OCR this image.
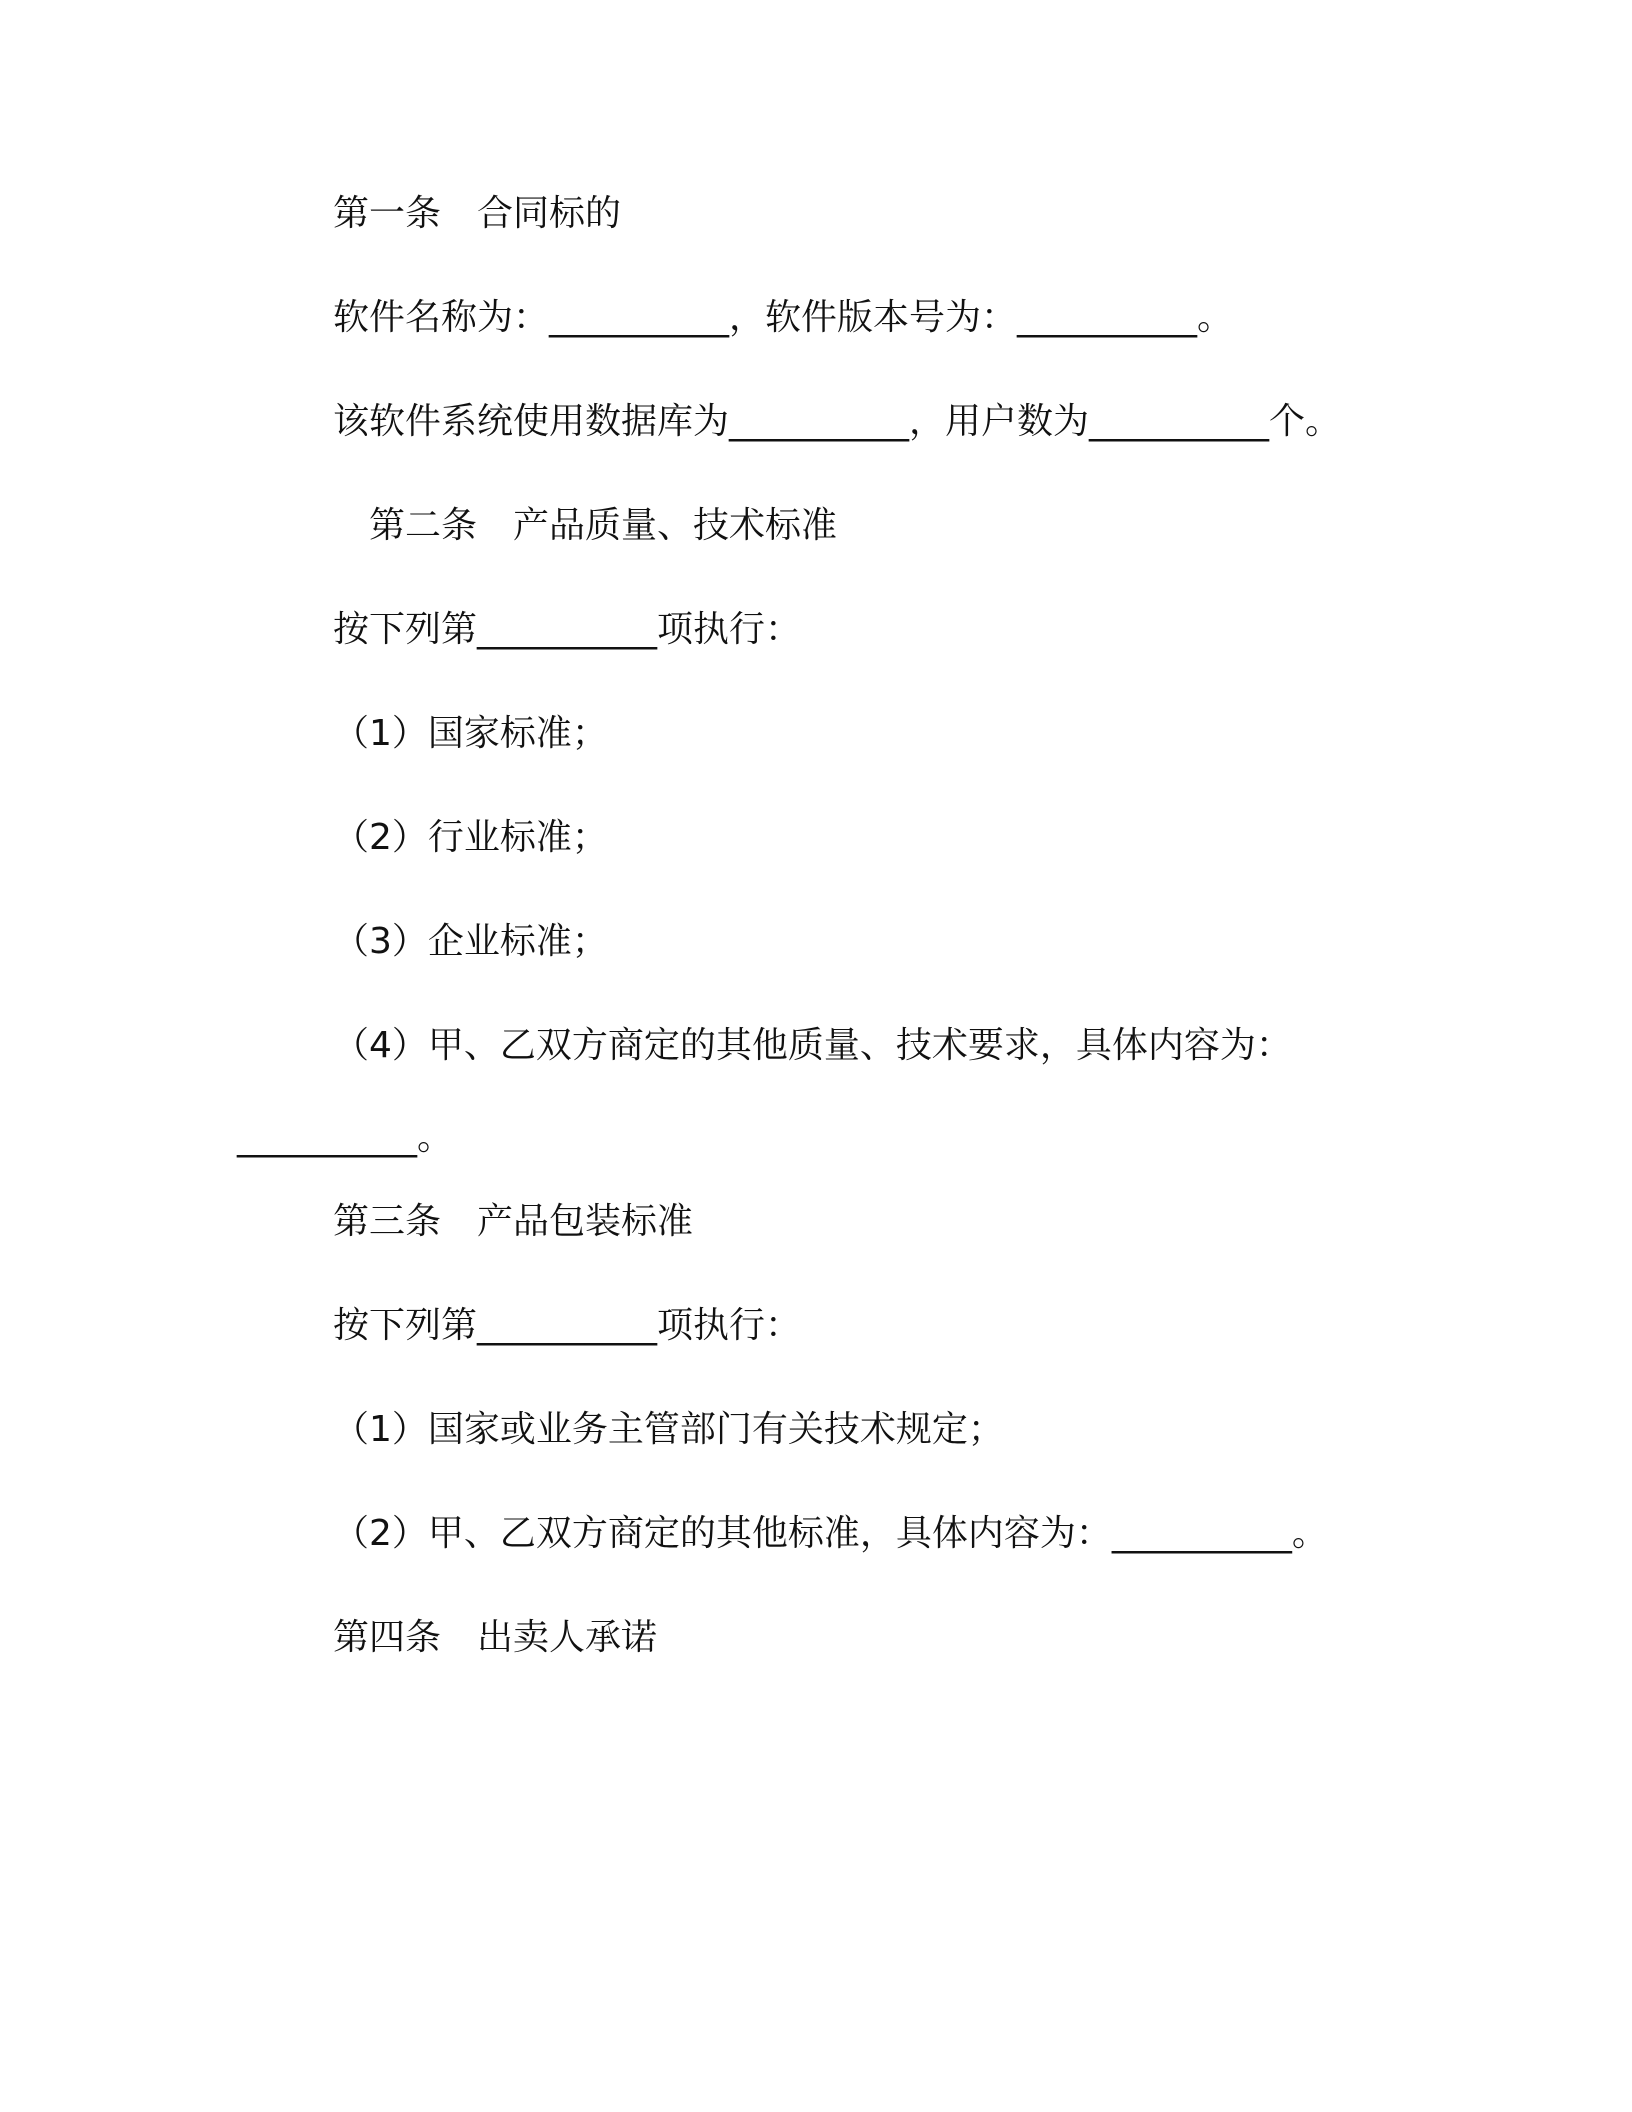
第一条　合同标的
软件名称为：__________，软件版本号为：__________。
该软件系统使用数据库为__________，用户数为__________个。
第二条　产品质量、技术标准
按下列第__________项执行：
（1）国家标准；
（2）行业标准；
（3）企业标准；
（4）甲、乙双方商定的其他质量、技术要求，具体内容为：
__________。
第三条　产品包装标准
按下列第__________项执行：
（1）国家或业务主管部门有关技术规定；
（2）甲、乙双方商定的其他标准，具体内容为：__________。
第四条　出卖人承诺
